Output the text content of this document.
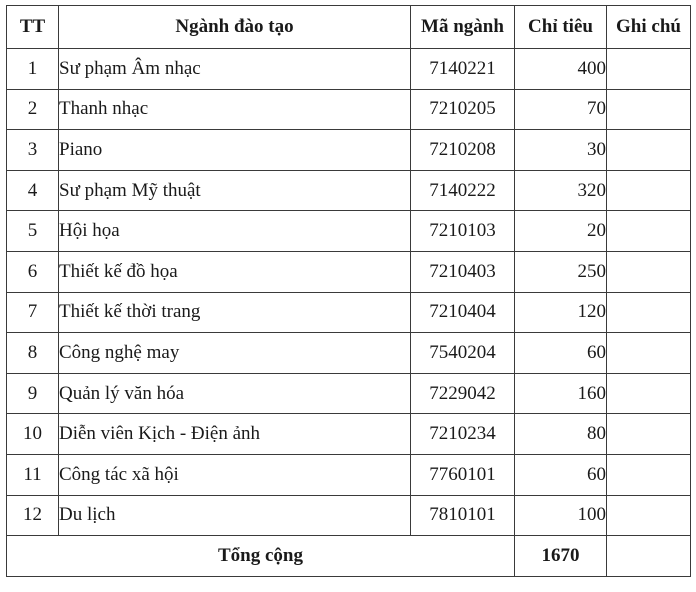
TT	Ngành đào tạo	Mã ngành	Chỉ tiêu	Ghi chú
1	Sư phạm Âm nhạc	7140221	400	
2	Thanh nhạc	7210205	70	
3	Piano	7210208	30	
4	Sư phạm Mỹ thuật	7140222	320	
5	Hội họa	7210103	20	
6	Thiết kế đồ họa	7210403	250	
7	Thiết kế thời trang	7210404	120	
8	Công nghệ may	7540204	60	
9	Quản lý văn hóa	7229042	160	
10	Diễn viên Kịch - Điện ảnh	7210234	80	
11	Công tác xã hội	7760101	60	
12	Du lịch	7810101	100	
Tổng cộng			1670	
